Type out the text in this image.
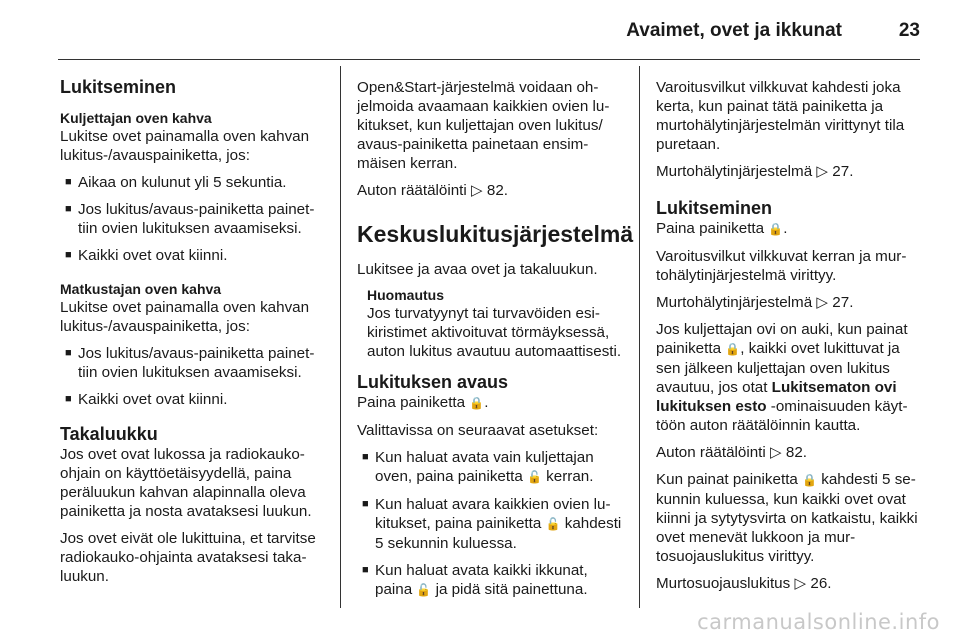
Avaimet, ovet ja ikkunat	23
Lukitseminen
Kuljettajan oven kahva

Lukitse ovet painamalla oven kahvan lukitus-/avauspainiketta, jos:

■ Aikaa on kulunut yli 5 sekuntia.
■ Jos lukitus/avaus-painiketta painettiin ovien lukituksen avaamiseksi.
■ Kaikki ovet ovat kiinni.
Matkustajan oven kahva

Lukitse ovet painamalla oven kahvan lukitus-/avauspainiketta, jos:

■ Jos lukitus/avaus-painiketta painettiin ovien lukituksen avaamiseksi.
■ Kaikki ovet ovat kiinni.
Takaluukku

Jos ovet ovat lukossa ja radiokaukoohjain on käyttöetäisyydellä, paina peräluukun kahvan alapinnalla oleva painiketta ja nosta avataksesi luukun.

Jos ovet eivät ole lukittuina, et tarvitse radiokauko-ohjainta avataksesi takaluukun.

Open&Start-järjestelmä voidaan ohjelmoida avaamaan kaikkien ovien lukitukset, kun kuljettajan oven lukitus/ avaus-painiketta painetaan ensimmäisen kerran.

Auton räätälöinti ▷ 82.

Keskuslukitusjärjestelmä

Lukitsee ja avaa ovet ja takaluukun.

Huomautus
Jos turvatyynyt tai turvavöiden esikiristimet aktivoituvat törmäyksessä, auton lukitus avautuu automaattisesti.
Lukituksen avaus

Paina painiketta 🔒.

Valittavissa on seuraavat asetukset:

■ Kun haluat avata vain kuljettajan oven, paina painiketta 🔓 kerran.
■ Kun haluat avara kaikkien ovien lukitukset, paina painiketta 🔓 kahdesti 5 sekunnin kuluessa.
■ Kun haluat avata kaikki ikkunat, paina 🔓 ja pidä sitä painettuna.

Varoitusvilkut vilkkuvat kahdesti joka kerta, kun painat tätä painiketta ja murtohälytinjärjestelmän virittynyt tila puretaan.

Murtohälytinjärjestelmä ▷ 27.

Lukitseminen

Paina painiketta 🔒.

Varoitusvilkut vilkkuvat kerran ja murtohälytinjärjestelmä virittyy.

Murtohälytinjärjestelmä ▷ 27.

Jos kuljettajan ovi on auki, kun painat painiketta 🔒, kaikki ovet lukittuvat ja sen jälkeen kuljettajan oven lukitus avautuu, jos otat Lukitsematon ovi lukituksen esto -ominaisuuden käyttöön auton räätälöinnin kautta.

Auton räätälöinti ▷ 82.

Kun painat painiketta 🔒 kahdesti 5 sekunnin kuluessa, kun kaikki ovet ovat kiinni ja sytytysvirta on katkaistu, kaikki ovet menevät lukkoon ja murtosuojauslukitus virittyy.

Murtosuojauslukitus ▷ 26.

carmanualsonline.info
